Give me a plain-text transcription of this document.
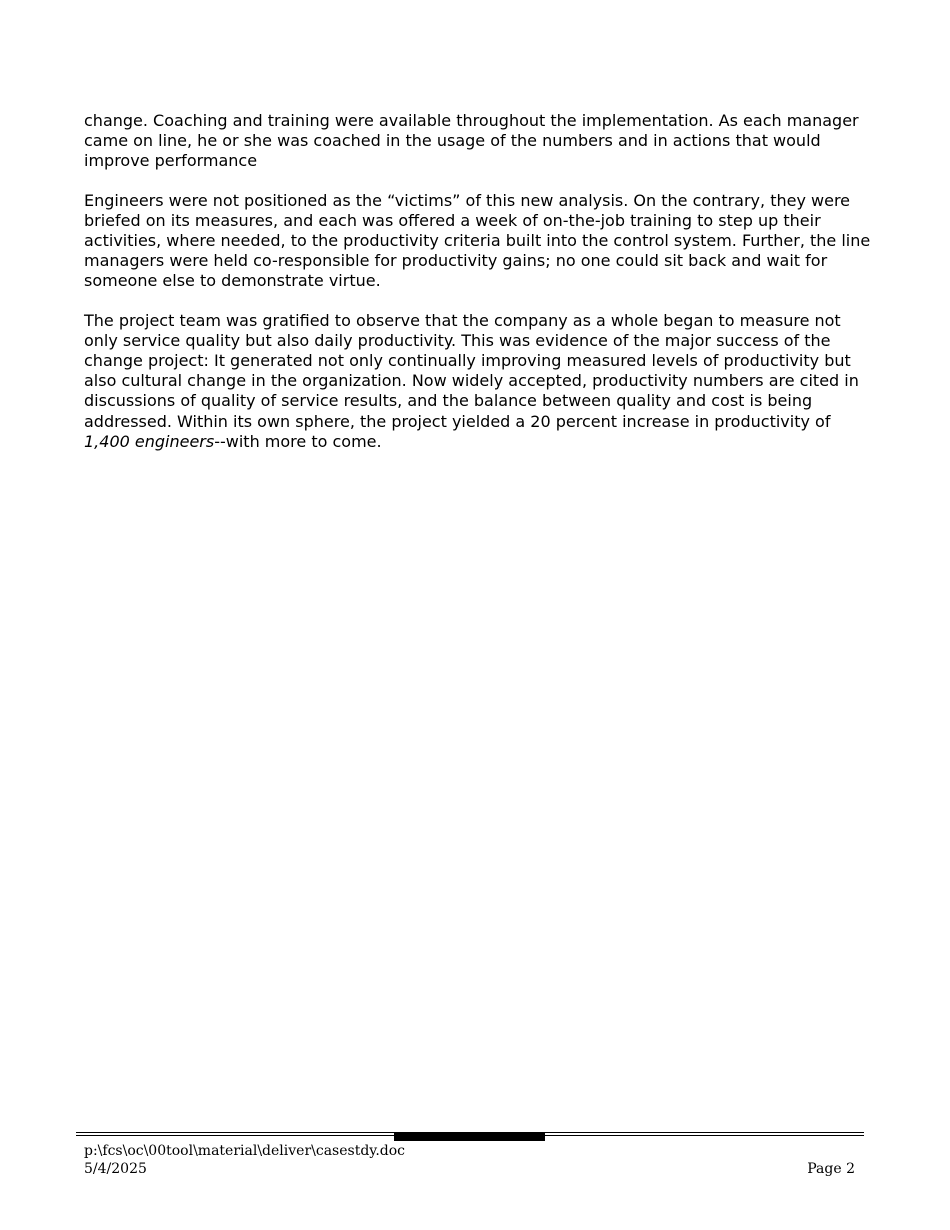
change. Coaching and training were available throughout the implementation. As each manager came on line, he or she was coached in the usage of the numbers and in actions that would improve performance

Engineers were not positioned as the “victims” of this new analysis. On the contrary, they were briefed on its measures, and each was offered a week of on-the-job training to step up their activities, where needed, to the productivity criteria built into the control system. Further, the line managers were held co-responsible for productivity gains; no one could sit back and wait for someone else to demonstrate virtue.

The project team was gratified to observe that the company as a whole began to measure not only service quality but also daily productivity. This was evidence of the major success of the change project: It generated not only continually improving measured levels of productivity but also cultural change in the organization. Now widely accepted, productivity numbers are cited in discussions of quality of service results, and the balance between quality and cost is being addressed. Within its own sphere, the project yielded a 20 percent increase in productivity of 1,400 engineers--with more to come.

p:\fcs\oc\00tool\material\deliver\casestdy.doc
5/4/2025	Page 2
